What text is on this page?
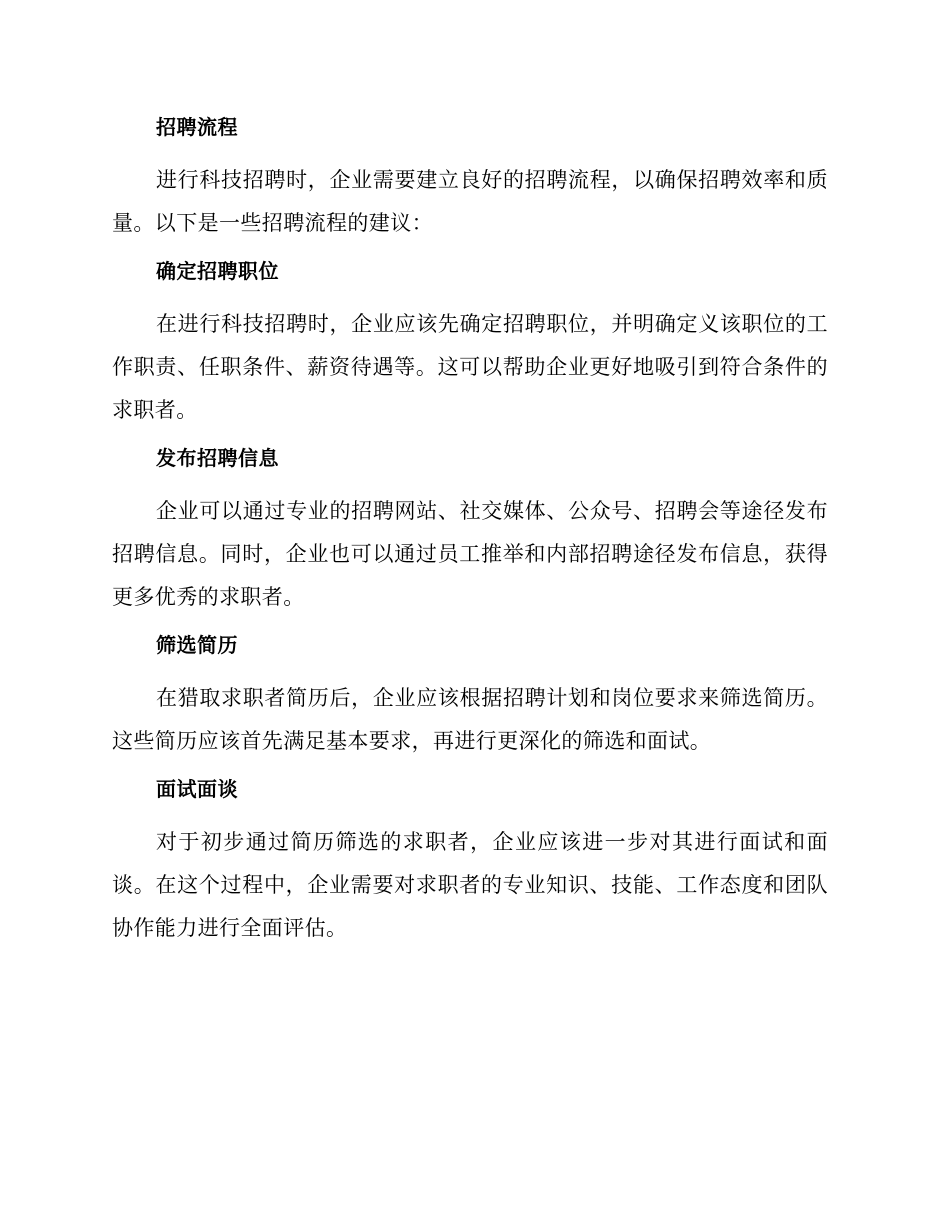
招聘流程

进行科技招聘时，企业需要建立良好的招聘流程，以确保招聘效率和质量。以下是一些招聘流程的建议：

确定招聘职位

在进行科技招聘时，企业应该先确定招聘职位，并明确定义该职位的工作职责、任职条件、薪资待遇等。这可以帮助企业更好地吸引到符合条件的求职者。

发布招聘信息

企业可以通过专业的招聘网站、社交媒体、公众号、招聘会等途径发布招聘信息。同时，企业也可以通过员工推举和内部招聘途径发布信息，获得更多优秀的求职者。

筛选简历

在猎取求职者简历后，企业应该根据招聘计划和岗位要求来筛选简历。这些简历应该首先满足基本要求，再进行更深化的筛选和面试。

面试面谈

对于初步通过简历筛选的求职者，企业应该进一步对其进行面试和面谈。在这个过程中，企业需要对求职者的专业知识、技能、工作态度和团队协作能力进行全面评估。
